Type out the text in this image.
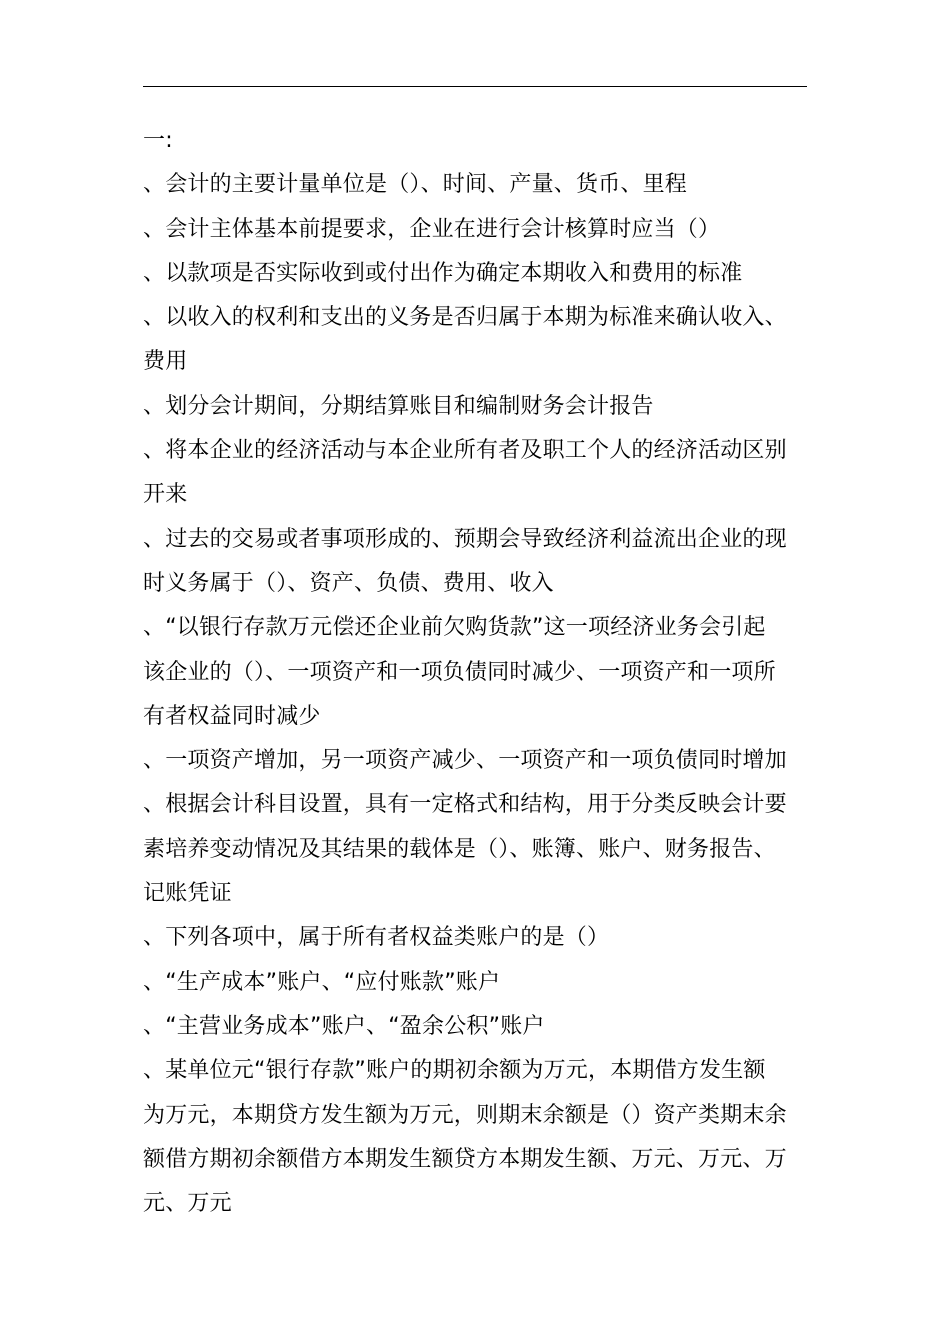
一:
、会计的主要计量单位是（）、时间、产量、货币、里程
、会计主体基本前提要求，企业在进行会计核算时应当（）
、以款项是否实际收到或付出作为确定本期收入和费用的标准
、以收入的权利和支出的义务是否归属于本期为标准来确认收入、
费用
、划分会计期间，分期结算账目和编制财务会计报告
、将本企业的经济活动与本企业所有者及职工个人的经济活动区别
开来
、过去的交易或者事项形成的、预期会导致经济利益流出企业的现
时义务属于（）、资产、负债、费用、收入
、“以银行存款万元偿还企业前欠购货款”这一项经济业务会引起
该企业的（）、一项资产和一项负债同时减少、一项资产和一项所
有者权益同时减少
、一项资产增加，另一项资产减少、一项资产和一项负债同时增加
、根据会计科目设置，具有一定格式和结构，用于分类反映会计要
素培养变动情况及其结果的载体是（）、账簿、账户、财务报告、
记账凭证
、下列各项中，属于所有者权益类账户的是（）
、“生产成本”账户、“应付账款”账户
、“主营业务成本”账户、“盈余公积”账户
、某单位元“银行存款”账户的期初余额为万元，本期借方发生额
为万元，本期贷方发生额为万元，则期末余额是（）资产类期末余
额借方期初余额借方本期发生额贷方本期发生额、万元、万元、万
元、万元
